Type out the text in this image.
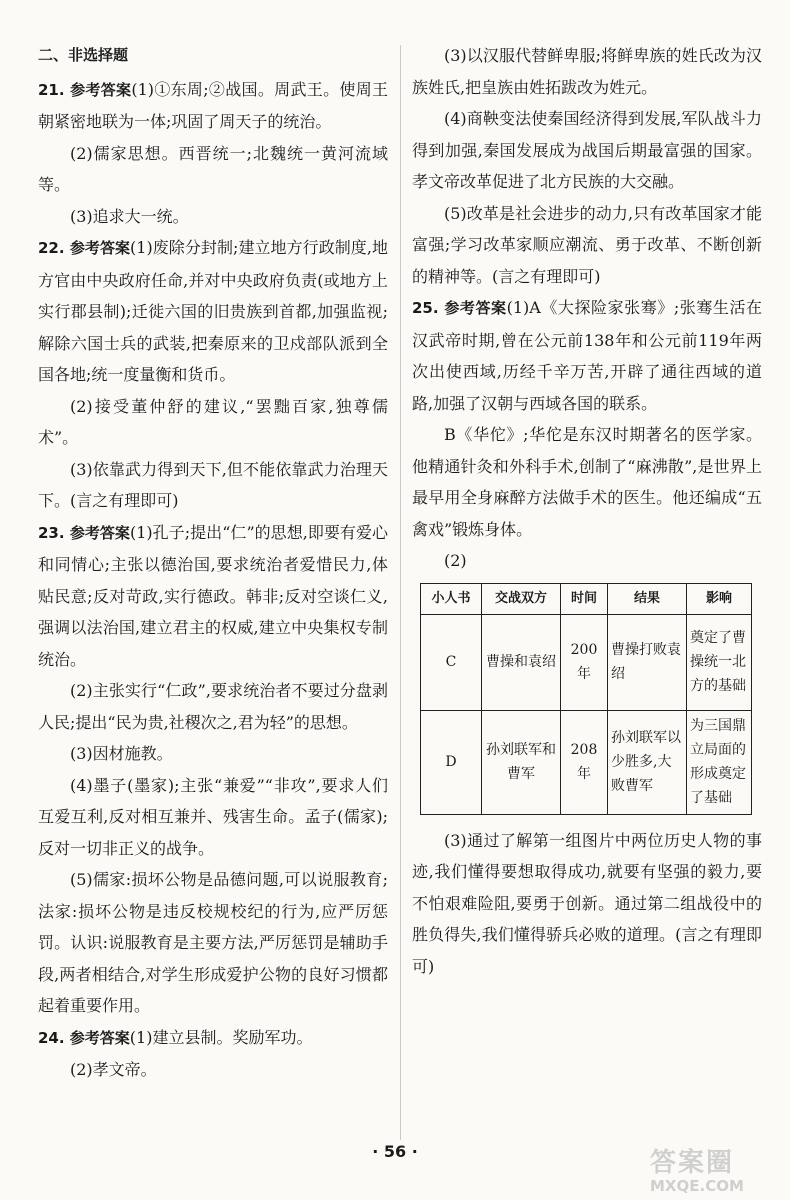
二、非选择题

21. 参考答案(1)①东周;②战国。周武王。使周王朝紧密地联为一体;巩固了周天子的统治。

(2)儒家思想。西晋统一;北魏统一黄河流域等。

(3)追求大一统。

22. 参考答案(1)废除分封制;建立地方行政制度,地方官由中央政府任命,并对中央政府负责(或地方上实行郡县制);迁徙六国的旧贵族到首都,加强监视;解除六国士兵的武装,把秦原来的卫戍部队派到全国各地;统一度量衡和货币。

(2)接受董仲舒的建议,“罢黜百家,独尊儒术”。

(3)依靠武力得到天下,但不能依靠武力治理天下。(言之有理即可)

23. 参考答案(1)孔子;提出“仁”的思想,即要有爱心和同情心;主张以德治国,要求统治者爱惜民力,体贴民意;反对苛政,实行德政。韩非;反对空谈仁义,强调以法治国,建立君主的权威,建立中央集权专制统治。

(2)主张实行“仁政”,要求统治者不要过分盘剥人民;提出“民为贵,社稷次之,君为轻”的思想。

(3)因材施教。

(4)墨子(墨家);主张“兼爱”“非攻”,要求人们互爱互利,反对相互兼并、残害生命。孟子(儒家);反对一切非正义的战争。

(5)儒家:损坏公物是品德问题,可以说服教育;法家:损坏公物是违反校规校纪的行为,应严厉惩罚。认识:说服教育是主要方法,严厉惩罚是辅助手段,两者相结合,对学生形成爱护公物的良好习惯都起着重要作用。

24. 参考答案(1)建立县制。奖励军功。

(2)孝文帝。

(3)以汉服代替鲜卑服;将鲜卑族的姓氏改为汉族姓氏,把皇族由姓拓跋改为姓元。

(4)商鞅变法使秦国经济得到发展,军队战斗力得到加强,秦国发展成为战国后期最富强的国家。孝文帝改革促进了北方民族的大交融。

(5)改革是社会进步的动力,只有改革国家才能富强;学习改革家顺应潮流、勇于改革、不断创新的精神等。(言之有理即可)

25. 参考答案(1)A《大探险家张骞》;张骞生活在汉武帝时期,曾在公元前138年和公元前119年两次出使西域,历经千辛万苦,开辟了通往西域的道路,加强了汉朝与西域各国的联系。

B《华佗》;华佗是东汉时期著名的医学家。他精通针灸和外科手术,创制了“麻沸散”,是世界上最早用全身麻醉方法做手术的医生。他还编成“五禽戏”锻炼身体。

(2)

小人书	交战双方	时间	结果	影响
C	曹操和袁绍	200年	曹操打败袁绍	奠定了曹操统一北方的基础
D	孙刘联军和曹军	208年	孙刘联军以少胜多,大败曹军	为三国鼎立局面的形成奠定了基础

(3)通过了解第一组图片中两位历史人物的事迹,我们懂得要想取得成功,就要有坚强的毅力,要不怕艰难险阻,要勇于创新。通过第二组战役中的胜负得失,我们懂得骄兵必败的道理。(言之有理即可)

· 56 ·	答案圈
MXQE.COM
